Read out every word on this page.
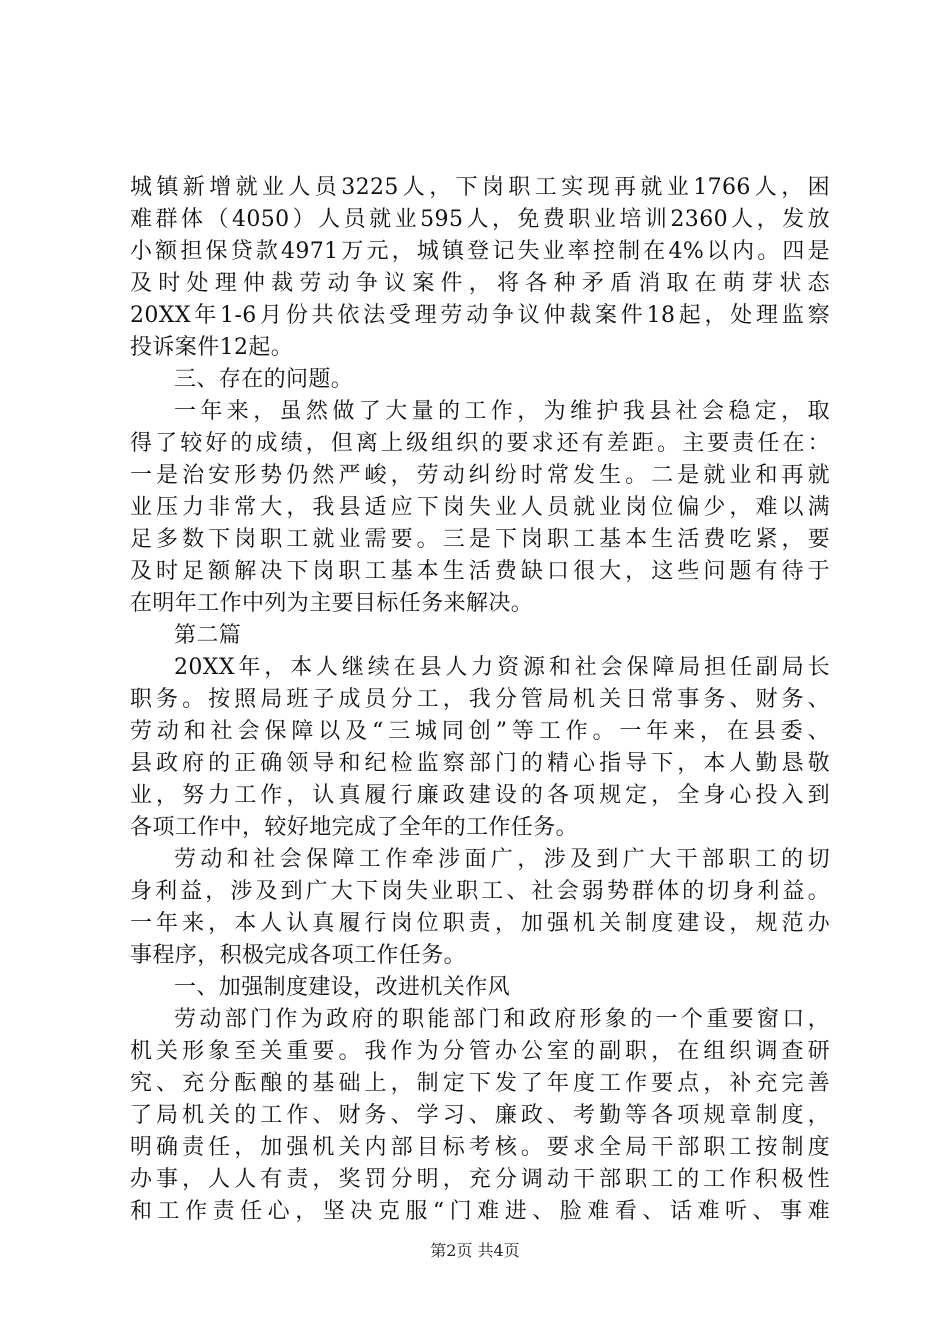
城镇新增就业人员3225人，下岗职工实现再就业1766人，困
难群体（4050）人员就业595人，免费职业培训2360人，发放
小额担保贷款4971万元，城镇登记失业率控制在4%以内。四是
及时处理仲裁劳动争议案件，将各种矛盾消取在萌芽状态
20XX年1-6月份共依法受理劳动争议仲裁案件18起，处理监察
投诉案件12起。
三、存在的问题。
一年来，虽然做了大量的工作，为维护我县社会稳定，取
得了较好的成绩，但离上级组织的要求还有差距。主要责任在：
一是治安形势仍然严峻，劳动纠纷时常发生。二是就业和再就
业压力非常大，我县适应下岗失业人员就业岗位偏少，难以满
足多数下岗职工就业需要。三是下岗职工基本生活费吃紧，要
及时足额解决下岗职工基本生活费缺口很大，这些问题有待于
在明年工作中列为主要目标任务来解决。
第二篇
20XX年，本人继续在县人力资源和社会保障局担任副局长
职务。按照局班子成员分工，我分管局机关日常事务、财务、
劳动和社会保障以及“三城同创”等工作。一年来，在县委、
县政府的正确领导和纪检监察部门的精心指导下，本人勤恳敬
业，努力工作，认真履行廉政建设的各项规定，全身心投入到
各项工作中，较好地完成了全年的工作任务。
劳动和社会保障工作牵涉面广，涉及到广大干部职工的切
身利益，涉及到广大下岗失业职工、社会弱势群体的切身利益。
一年来，本人认真履行岗位职责，加强机关制度建设，规范办
事程序，积极完成各项工作任务。
一、加强制度建设，改进机关作风
劳动部门作为政府的职能部门和政府形象的一个重要窗口，
机关形象至关重要。我作为分管办公室的副职，在组织调查研
究、充分酝酿的基础上，制定下发了年度工作要点，补充完善
了局机关的工作、财务、学习、廉政、考勤等各项规章制度，
明确责任，加强机关内部目标考核。要求全局干部职工按制度
办事，人人有责，奖罚分明，充分调动干部职工的工作积极性
和工作责任心，坚决克服“门难进、脸难看、话难听、事难
第2页 共4页
